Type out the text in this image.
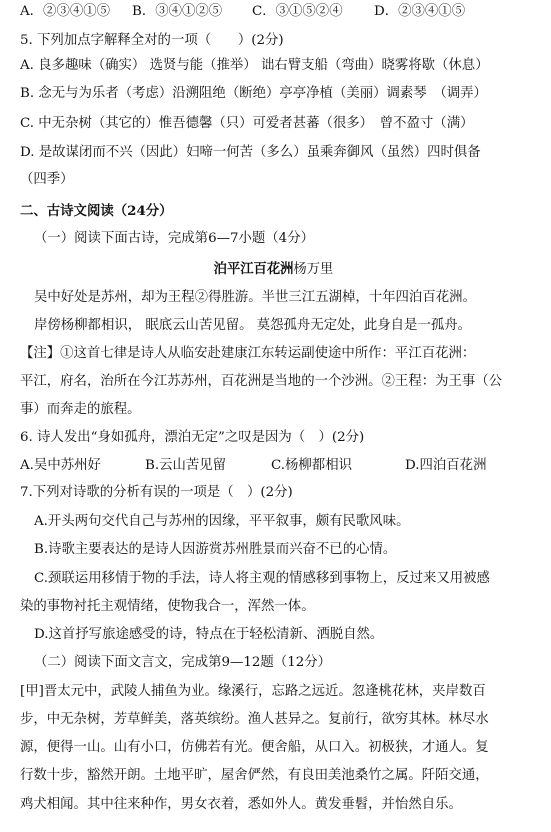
A．②③④①⑤ B．③④①②⑤ C．③①⑤②④ D．②③④①⑤
5. 下列加点字解释全对的一项（　　）(2分)
A. 良多趣味（确实） 选贤与能（推举） 诎右臂支船（弯曲）晓雾将歇（休息）
B. 念无与为乐者（考虑）沿溯阻绝（断绝）亭亭净植（美丽）调素琴　（调弄）
C. 中无杂树（其它的）惟吾德馨（只）可爱者甚蕃（很多）　曾不盈寸（满）
D. 是故谋闭而不兴（因此）妇啼一何苦（多么）虽乘奔御风（虽然）四时俱备
（四季）
二、古诗文阅读（24分）
（一）阅读下面古诗，完成第6—7小题（4分）
泊平江百花洲杨万里
吴中好处是苏州，却为王程②得胜游。半世三江五湖棹，十年四泊百花洲。
岸傍杨柳都相识， 眠底云山苦见留。 莫怨孤舟无定处，此身自是一孤舟。
【注】①这首七律是诗人从临安赴建康江东转运副使途中所作：平江百花洲：
平江，府名，治所在今江苏苏州，百花洲是当地的一个沙洲。②王程：为王事（公
事）而奔走的旅程。
6. 诗人发出“身如孤舟，漂泊无定”之叹是因为（　）(2分)
A.吴中苏州好	B.云山苦见留	C.杨柳都相识	D.四泊百花洲
7.下列对诗歌的分析有误的一项是（　）(2分)
A.开头两句交代自己与苏州的因缘，平平叙事，颇有民歌风味。
B.诗歌主要表达的是诗人因游赏苏州胜景而兴奋不已的心情。
C.颈联运用移情于物的手法，诗人将主观的情感移到事物上，反过来又用被感
染的事物衬托主观情绪，使物我合一，浑然一体。
D.这首抒写旅途感受的诗，特点在于轻松清新、洒脱自然。
（二）阅读下面文言文，完成第9—12题（12分）
[甲]晋太元中，武陵人捕鱼为业。缘溪行，忘路之远近。忽逢桃花林，夹岸数百
步，中无杂树，芳草鲜美，落英缤纷。渔人甚异之。复前行，欲穷其林。林尽水
源，便得一山。山有小口，仿佛若有光。便舍船，从口入。初极狭，才通人。复
行数十步，豁然开朗。土地平旷，屋舍俨然，有良田美池桑竹之属。阡陌交通，
鸡犬相闻。其中往来种作，男女衣着，悉如外人。黄发垂髫，并怡然自乐。
